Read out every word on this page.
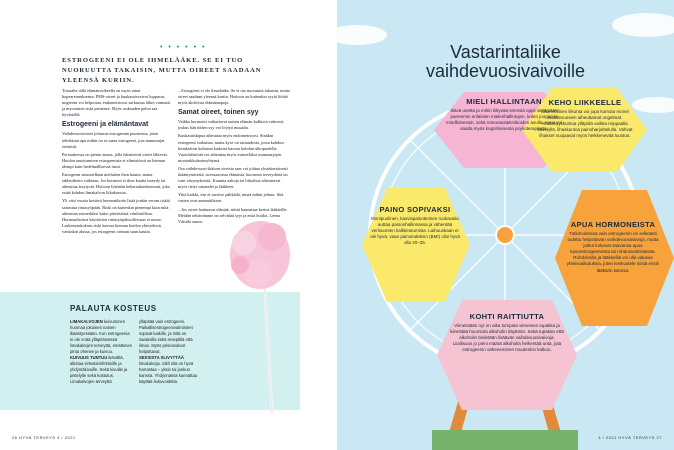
• • • • • •
ESTROGEENI EI OLE IHMELÄÄKE. SE EI TUO NUORUUTTA TAKAISIN, MUTTA OIREET SAADAAN YLEENSÄ KURIIN.

Toisaalta tällä elämänvaiheella on myös omat hopeareunuksensa: PMS-oireet ja kuukautisvaivat loppuvat, migreeni voi helpottaa, endometrioosi surkastua lähes varmasti ja myoomien riski pienenee. Myös raskauden pelon saa hyvästellä.

Estrogeeni ja elämäntavat

Vaihdevuosioireet johtuvat estrogeenin puutteesta, joten tehokkain apu niihin on se sama estrogeeni, jota munasarjat erittävät.

Periaatteessa on pienin annos, jolla häiritsevät oireet lähtevät. Hoidon tauottamisen estrogeenista ei elimistössä on hieman alempi kuin hedelmällisessä iässä.

Estrogeeni annostellaan mieluiten ihon kautta, mutta tabletithoito vaihtaan. Jos hormoni ei ihon kautta imeydy tai aiheuttaa ärsytystä. Hoitoon liitetään keltarauhashormoni, joka estää kohdun limakalvon liikakasvua.

Yli viisi vuotta kestävä hormonihoito lisää jonkin verran riskiä sairastua rintasyöpään. Riski on kuitenkin pienempi kuin mitä aiheuttaa esimerkiksi kaksi päivittäistä viinilasillista. Hormonihoitoa käyttävien rintasyöpäkuolleisuus ei nouse. Laskimotukoksen riski kasvaa hieman hoidon yhteydessä, varsinkin alussa, jos estrogeeni otetaan suun kautta.

– Estrogeeni ei ole ihmelääke. Se ei tuo nuoruutta takaisin, mutta oireet saadaan yleensä kuriin. Hoitoon on kuitenkin syytä liittää myös aktiivista elämäntapoja.

Samat oireet, toinen syy

Vaikka hormonit vaikuttavat naisen elämän kulkissa vahvasti, joskus häiriöiden syy voi löytyä muualta.

Kuukautiskipua aiheuttaa myös endometrioosi. Sinäkin estrogeeni vaikuttaa, mutta kyse on sairaudesta, jossa kohdun limakalvon kaltaista kudosta kasvaa kohdun ulkopuolella. Vuotohäiriöitä voi aiheuttaa myös esimerkiksi munasarjojen monirakkulaoireyhtymä.

Osa vaihdevuosi-ikäisen oireista taas voi johtua yksinkertaisesti ikääntymisestä, stressaavasta elämästä, huonosta terveydestä tai vain väsymyksestä. Kuumia aaltoja tai liikoihoa aiheuttavat myös tietyt sairaudet ja lääkkeet.

Yhtä kaikki, itse ei tarvitse pähkäilä, mistä mikin johtuu. Sitä varten ovat ammattilaiset.

– Jos oireet haittaavat elämää, niistä kannattaa kertoa lääkärille. Meidän tehtävämme on selvittää syyt ja etsiä hoidot, Leena Väisälä sanoo.

PALAUTA KOSTEUS
LIMAKALVOJEN kuivuminen huomaa jokainen nainen ikääntyessään. Kun estrogeenia ei ole enää ylläpitämässä limakalvojen terveyttä, emättimen pinta ohenee ja kuivuu.
KUIVUUS TUNTUU ikävältä, altistaa virtsatieinfektioille ja yhdyntäkivuille. Sekä kivuille ja pistelylle sekä kostutus. Limakalvojen terveyttä
ylläpitää vain estrogeeni. Paikallisestrogeenivalmisteet sopivat kaikille, ja niitä on saatavilla sekä reseptillä että ilman. Myös prisoovalvat helpottavat.
SEKSISTA SLIVYTTÄÄ limakalvoja. Sikli sitä on hyvä harrastaa – yksin tai jonkun kanssa. Yhdynnässä kannattaa käyttää liukuvoidetta.
26 HYVÄ TERVEYS 4 / 2021
Vastarintaliike
vaihdevuosivaivoille
MIELI HALLINTAAN

Ikävä unetta ja mihin liittyvää stressiä oppii sietämään paremmin erilaisten mielenhallintojen, kuten joogan ja mindfulnessin, sekä rentoutustekniikoiden avulla. Apua voi saada myös kognitiivisesta psykoterapiasta.

KEHO LIIKKEELLE

Säännöllinen liikunta voi jopa kumota monet vaihdevuosien aiheuttamat ongelmat. Kestävyyskuntoa ylläpidä vaikka reippaalla kävelyllä, lihaskuntoa painoharjoittelulla. Vahvat lihakset suojaavat myös heikkenevää luustoa.

PAINO SOPIVAKSI

Monipuolinen, kasvispainotteinen ruokavalio auttaa painonhallinnassa ja vähentää verisuonten kalkkeutumista. Laihuuskaan ei ole hyvä, vaan painoindeksin (BMI) olisi hyvä olla 20–25.

APUA HORMONEISTA

Tutkimuksissa vain estrogeenin on selkeästi todettu helpottavan vaihdevuosivaivoja, mutta jotkut kokevat saavansa apua kasviestrogeeneista tai rohdosvalmisteista. Rohdoksilla ja lääkkeillä voi olla vakavia yhteisvaikutuksia, joten keskustele niistä ensin lääkärin kanssa.

KOHTI RAITTIUTTA

Viimeistään nyt on aika tumpata viimeinen tupakka ja kiinnittää huomiota alkoholin käyttöön. Sekä tupakan että alkoholin tiedetään lisäävän vaihdevuosivaivoja. Liiallisuus jo pieni määrä alkoholia heikentää unta, jota estrogeenin väheneminen muutenkin katkoo.

4 / 2021 HYVÄ TERVEYS 27
